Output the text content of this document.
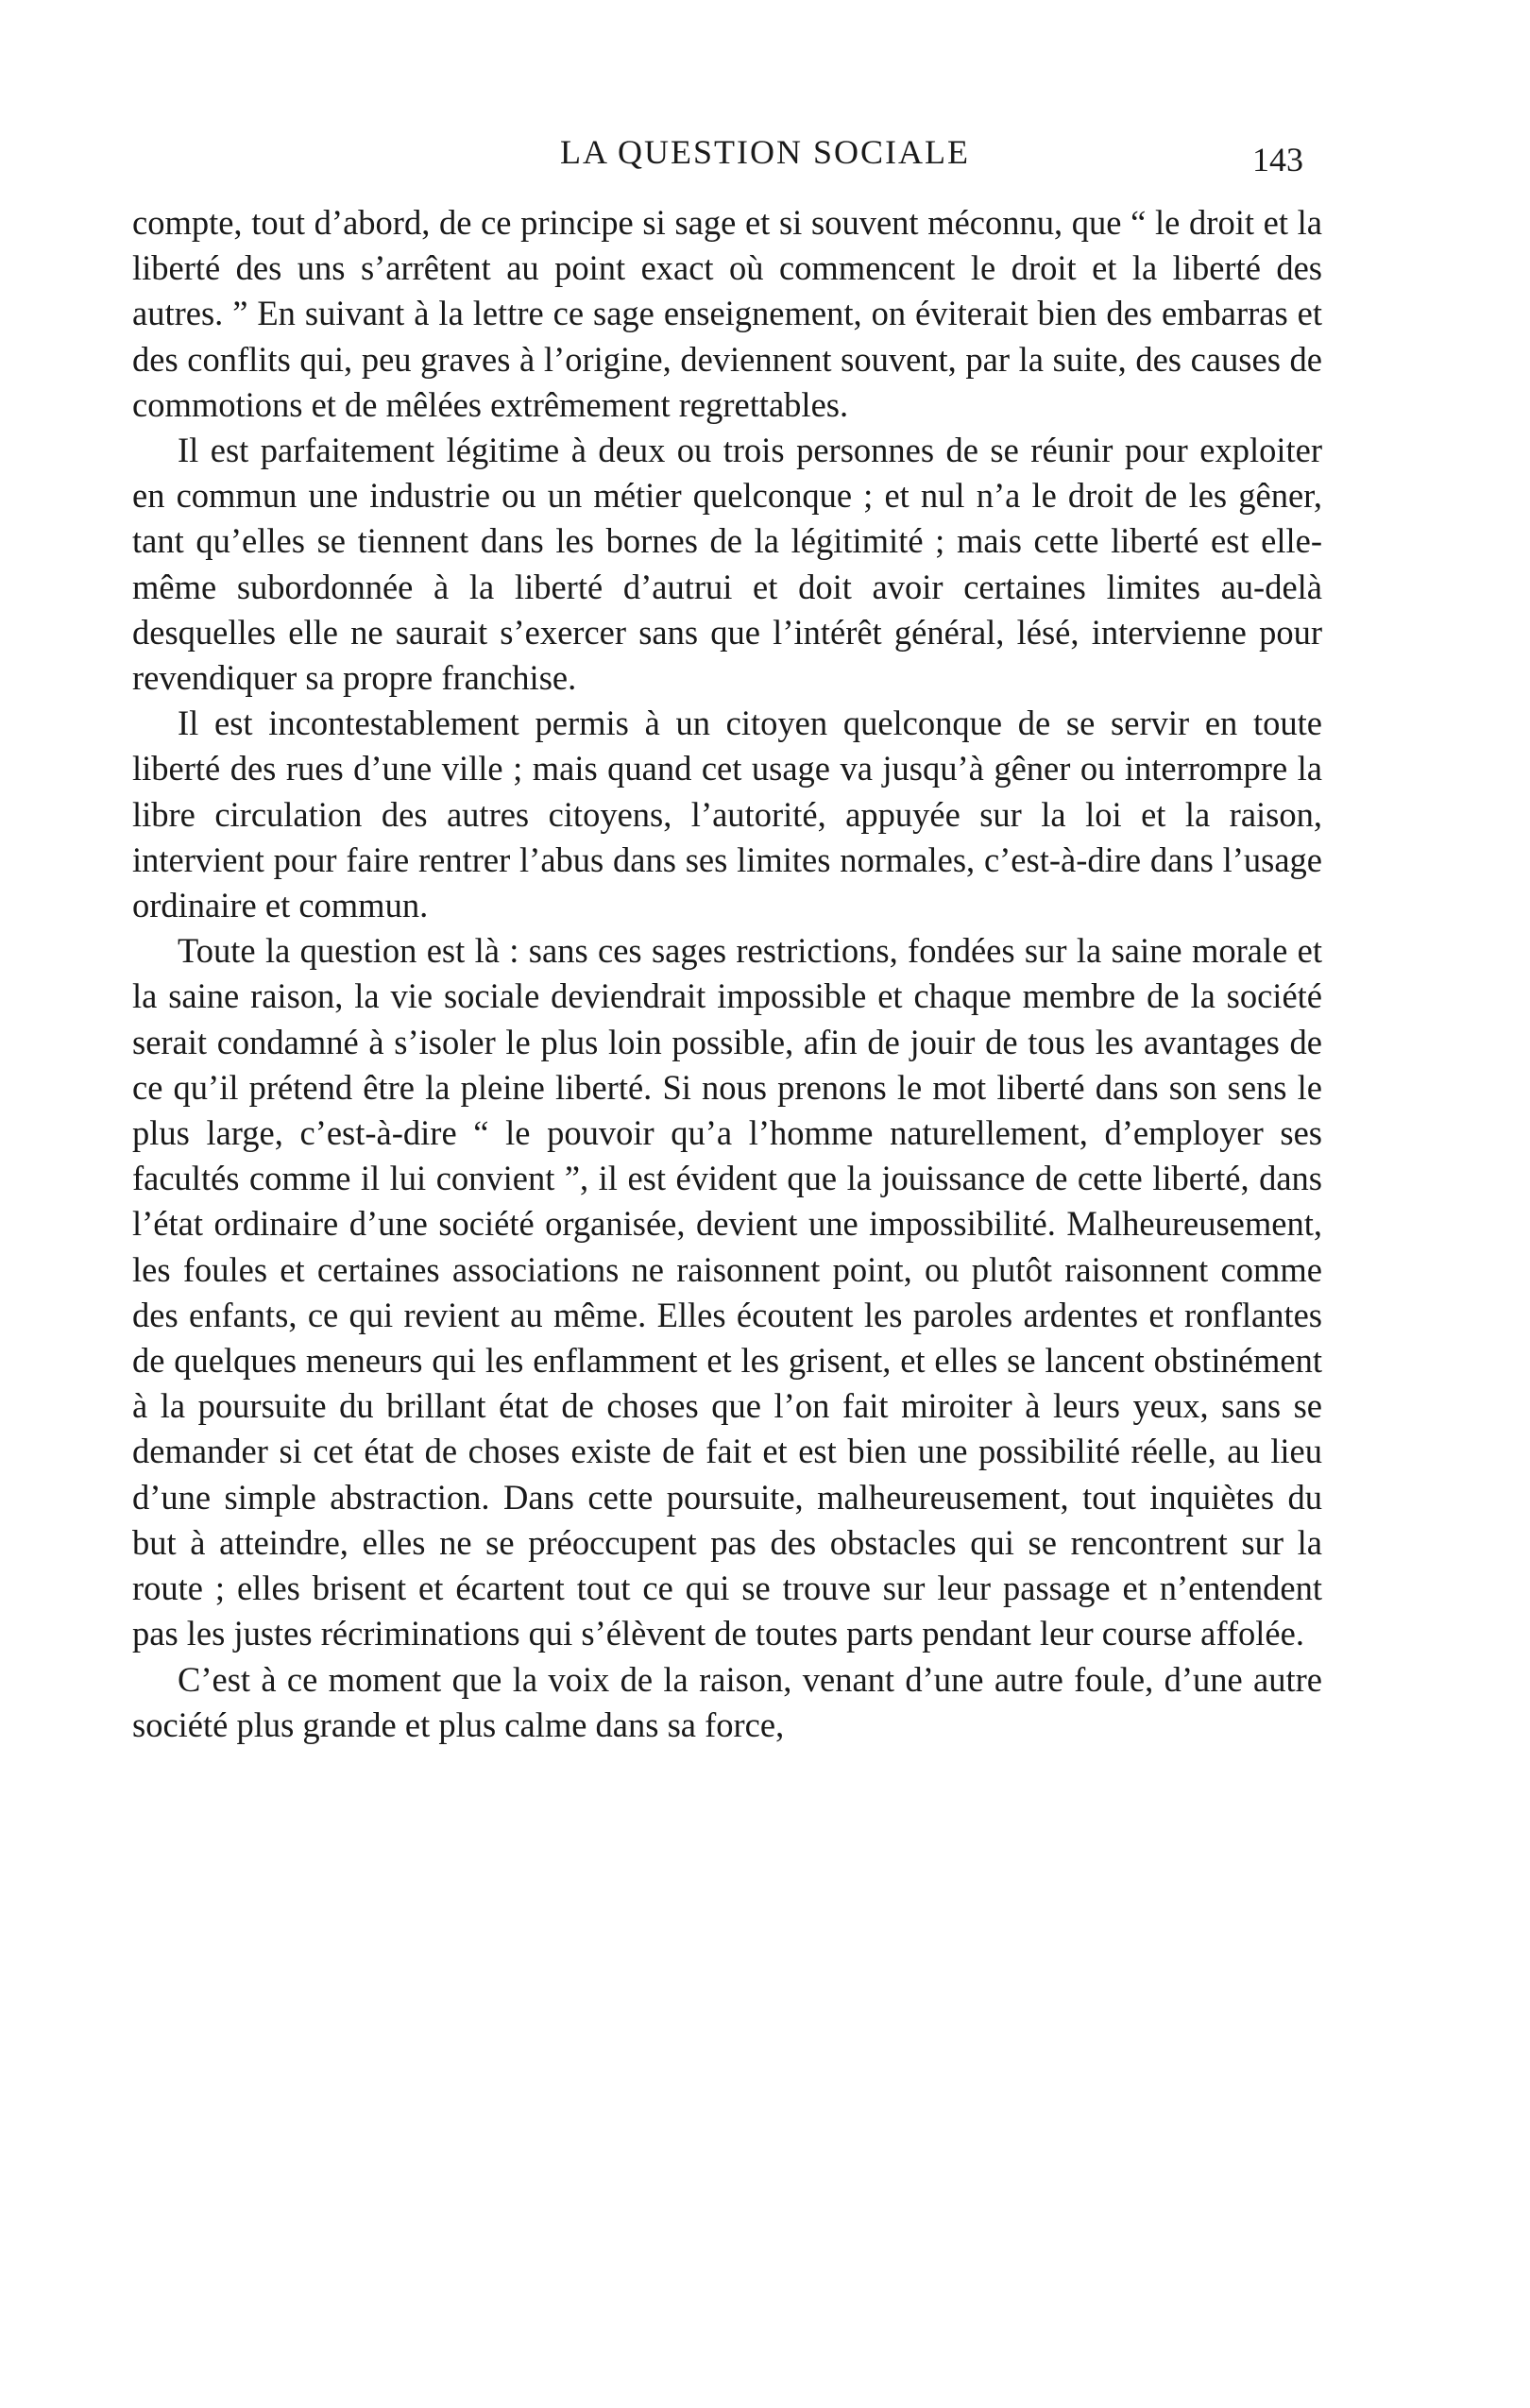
LA QUESTION SOCIALE	143

compte, tout d’abord, de ce principe si sage et si souvent méconnu, que “ le droit et la liberté des uns s’arrêtent au point exact où commencent le droit et la liberté des autres. ” En suivant à la lettre ce sage enseignement, on éviterait bien des embarras et des conflits qui, peu graves à l’origine, deviennent souvent, par la suite, des causes de commotions et de mêlées extrêmement regrettables.

Il est parfaitement légitime à deux ou trois personnes de se réunir pour exploiter en commun une industrie ou un métier quelconque ; et nul n’a le droit de les gêner, tant qu’elles se tiennent dans les bornes de la légitimité ; mais cette liberté est elle-même subordonnée à la liberté d’autrui et doit avoir certaines limites au-delà desquelles elle ne saurait s’exercer sans que l’intérêt général, lésé, intervienne pour revendiquer sa propre franchise.

Il est incontestablement permis à un citoyen quelconque de se servir en toute liberté des rues d’une ville ; mais quand cet usage va jusqu’à gêner ou interrompre la libre circulation des autres citoyens, l’autorité, appuyée sur la loi et la raison, intervient pour faire rentrer l’abus dans ses limites normales, c’est-à-dire dans l’usage ordinaire et commun.

Toute la question est là : sans ces sages restrictions, fondées sur la saine morale et la saine raison, la vie sociale deviendrait impossible et chaque membre de la société serait condamné à s’isoler le plus loin possible, afin de jouir de tous les avantages de ce qu’il prétend être la pleine liberté. Si nous prenons le mot liberté dans son sens le plus large, c’est-à-dire “ le pouvoir qu’a l’homme naturellement, d’employer ses facultés comme il lui convient ”, il est évident que la jouissance de cette liberté, dans l’état ordinaire d’une société organisée, devient une impossibilité. Malheureusement, les foules et certaines associations ne raisonnent point, ou plutôt raisonnent comme des enfants, ce qui revient au même. Elles écoutent les paroles ardentes et ronflantes de quelques meneurs qui les enflamment et les grisent, et elles se lancent obstinément à la poursuite du brillant état de choses que l’on fait miroiter à leurs yeux, sans se demander si cet état de choses existe de fait et est bien une possibilité réelle, au lieu d’une simple abstraction. Dans cette poursuite, malheureusement, tout inquiètes du but à atteindre, elles ne se préoccupent pas des obstacles qui se rencontrent sur la route ; elles brisent et écartent tout ce qui se trouve sur leur passage et n’entendent pas les justes récriminations qui s’élèvent de toutes parts pendant leur course affolée.

C’est à ce moment que la voix de la raison, venant d’une autre foule, d’une autre société plus grande et plus calme dans sa force,
